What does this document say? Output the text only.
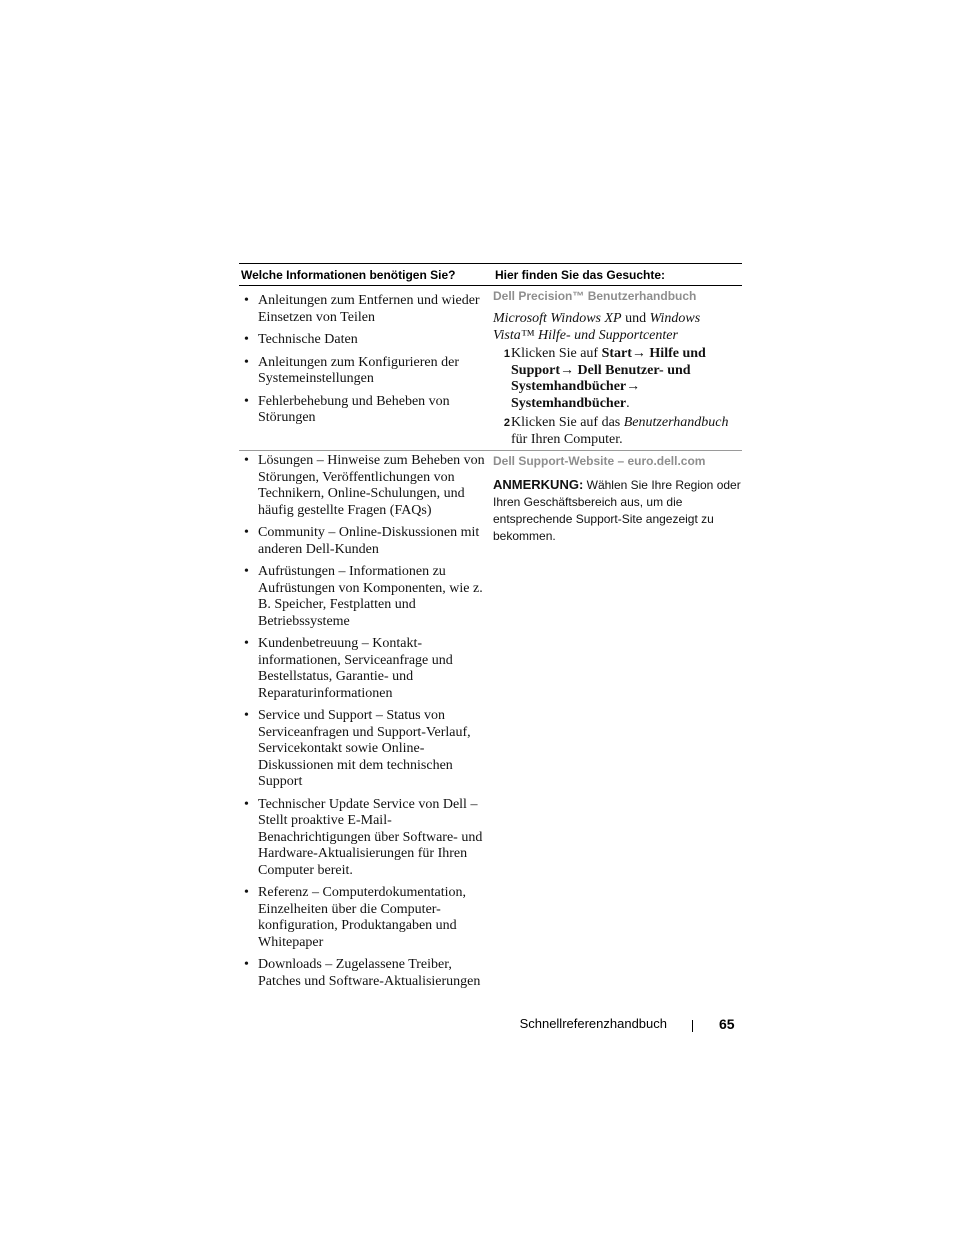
Welche Informationen benötigen Sie?	Hier finden Sie das Gesuchte:
• Anleitungen zum Entfernen und wieder Einsetzen von Teilen
• Technische Daten
• Anleitungen zum Konfigurieren der Systemeinstellungen
• Fehlerbehebung und Beheben von Störungen
Dell Precision™ Benutzerhandbuch
Microsoft Windows XP und Windows Vista™ Hilfe- und Supportcenter
1 Klicken Sie auf Start→ Hilfe und Support→ Dell Benutzer- und Systemhandbücher→ Systemhandbücher.
2 Klicken Sie auf das Benutzerhandbuch für Ihren Computer.
• Lösungen – Hinweise zum Beheben von Störungen, Veröffentlichungen von Technikern, Online-Schulungen, und häufig gestellte Fragen (FAQs)
• Community – Online-Diskussionen mit anderen Dell-Kunden
• Aufrüstungen – Informationen zu Aufrüstungen von Komponenten, wie z. B. Speicher, Festplatten und Betriebssysteme
• Kundenbetreuung – Kontakt-informationen, Serviceanfrage und Bestellstatus, Garantie- und Reparaturinformationen
• Service und Support – Status von Serviceanfragen und Support-Verlauf, Servicekontakt sowie Online-Diskussionen mit dem technischen Support
• Technischer Update Service von Dell – Stellt proaktive E-Mail-Benachrichtigungen über Software- und Hardware-Aktualisierungen für Ihren Computer bereit.
• Referenz – Computerdokumentation, Einzelheiten über die Computer-konfiguration, Produktangaben und Whitepaper
• Downloads – Zugelassene Treiber, Patches und Software-Aktualisierungen
Dell Support-Website – euro.dell.com
ANMERKUNG: Wählen Sie Ihre Region oder Ihren Geschäftsbereich aus, um die entsprechende Support-Site angezeigt zu bekommen.
Schnellreferenzhandbuch	65
